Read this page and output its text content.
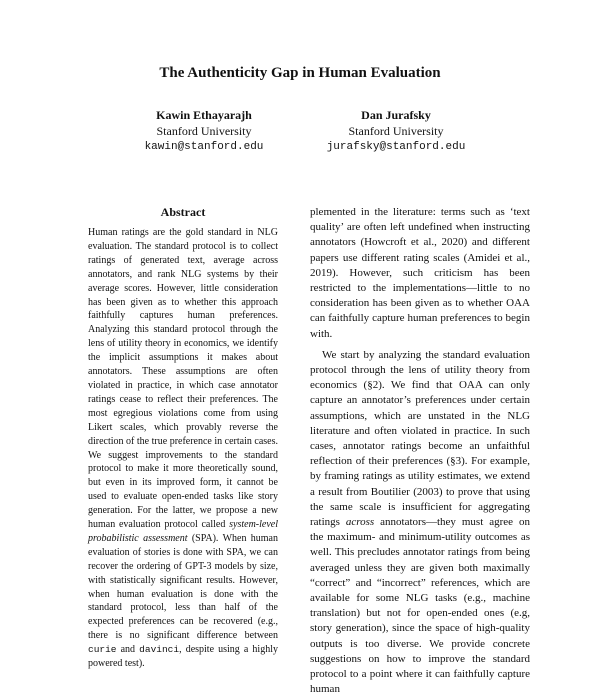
The Authenticity Gap in Human Evaluation
Kawin Ethayarajh
Stanford University
kawin@stanford.edu
Dan Jurafsky
Stanford University
jurafsky@stanford.edu
Abstract
Human ratings are the gold standard in NLG evaluation. The standard protocol is to collect ratings of generated text, average across annotators, and rank NLG systems by their average scores. However, little consideration has been given as to whether this approach faithfully captures human preferences. Analyzing this standard protocol through the lens of utility theory in economics, we identify the implicit assumptions it makes about annotators. These assumptions are often violated in practice, in which case annotator ratings cease to reflect their preferences. The most egregious violations come from using Likert scales, which provably reverse the direction of the true preference in certain cases. We suggest improvements to the standard protocol to make it more theoretically sound, but even in its improved form, it cannot be used to evaluate open-ended tasks like story generation. For the latter, we propose a new human evaluation protocol called system-level probabilistic assessment (SPA). When human evaluation of stories is done with SPA, we can recover the ordering of GPT-3 models by size, with statistically significant results. However, when human evaluation is done with the standard protocol, less than half of the expected preferences can be recovered (e.g., there is no significant difference between curie and davinci, despite using a highly powered test).

plemented in the literature: terms such as ‘text quality’ are often left undefined when instructing annotators (Howcroft et al., 2020) and different papers use different rating scales (Amidei et al., 2019). However, such criticism has been restricted to the implementations—little to no consideration has been given as to whether OAA can faithfully capture human preferences to begin with.

We start by analyzing the standard evaluation protocol through the lens of utility theory from economics (§2). We find that OAA can only capture an annotator’s preferences under certain assumptions, which are unstated in the NLG literature and often violated in practice. In such cases, annotator ratings become an unfaithful reflection of their preferences (§3). For example, by framing ratings as utility estimates, we extend a result from Boutilier (2003) to prove that using the same scale is insufficient for aggregating ratings across annotators—they must agree on the maximum- and minimum-utility outcomes as well. This precludes annotator ratings from being averaged unless they are given both maximally “correct” and “incorrect” references, which are available for some NLG tasks (e.g., machine translation) but not for open-ended ones (e.g, story generation), since the space of high-quality outputs is too diverse. We provide concrete suggestions on how to improve the standard protocol to a point where it can faithfully capture human
